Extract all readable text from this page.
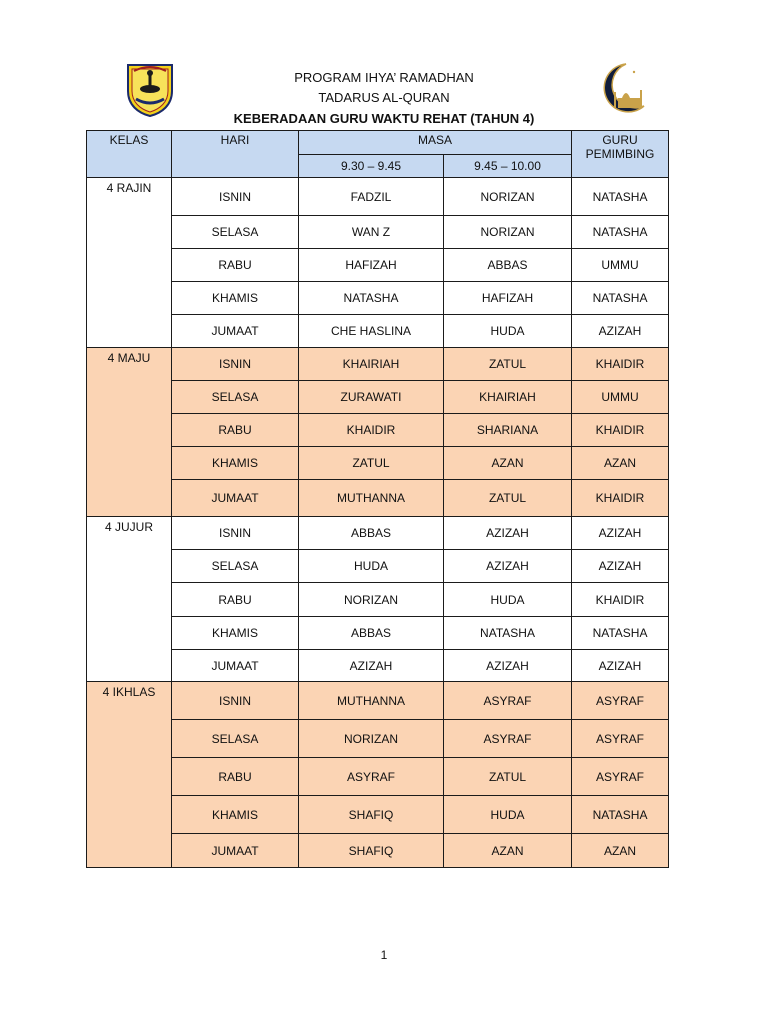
PROGRAM IHYA’ RAMADHAN
TADARUS AL-QURAN
KEBERADAAN GURU WAKTU REHAT (TAHUN 4)
KELAS	HARI	MASA		GURU
PEMIMBING
		9.30 – 9.45	9.45 – 10.00	
4 RAJIN	ISNIN	FADZIL	NORIZAN	NATASHA
	SELASA	WAN Z	NORIZAN	NATASHA
	RABU	HAFIZAH	ABBAS	UMMU
	KHAMIS	NATASHA	HAFIZAH	NATASHA
	JUMAAT	CHE HASLINA	HUDA	AZIZAH
4 MAJU	ISNIN	KHAIRIAH	ZATUL	KHAIDIR
	SELASA	ZURAWATI	KHAIRIAH	UMMU
	RABU	KHAIDIR	SHARIANA	KHAIDIR
	KHAMIS	ZATUL	AZAN	AZAN
	JUMAAT	MUTHANNA	ZATUL	KHAIDIR
4 JUJUR	ISNIN	ABBAS	AZIZAH	AZIZAH
	SELASA	HUDA	AZIZAH	AZIZAH
	RABU	NORIZAN	HUDA	KHAIDIR
	KHAMIS	ABBAS	NATASHA	NATASHA
	JUMAAT	AZIZAH	AZIZAH	AZIZAH
4 IKHLAS	ISNIN	MUTHANNA	ASYRAF	ASYRAF
	SELASA	NORIZAN	ASYRAF	ASYRAF
	RABU	ASYRAF	ZATUL	ASYRAF
	KHAMIS	SHAFIQ	HUDA	NATASHA
	JUMAAT	SHAFIQ	AZAN	AZAN
1
